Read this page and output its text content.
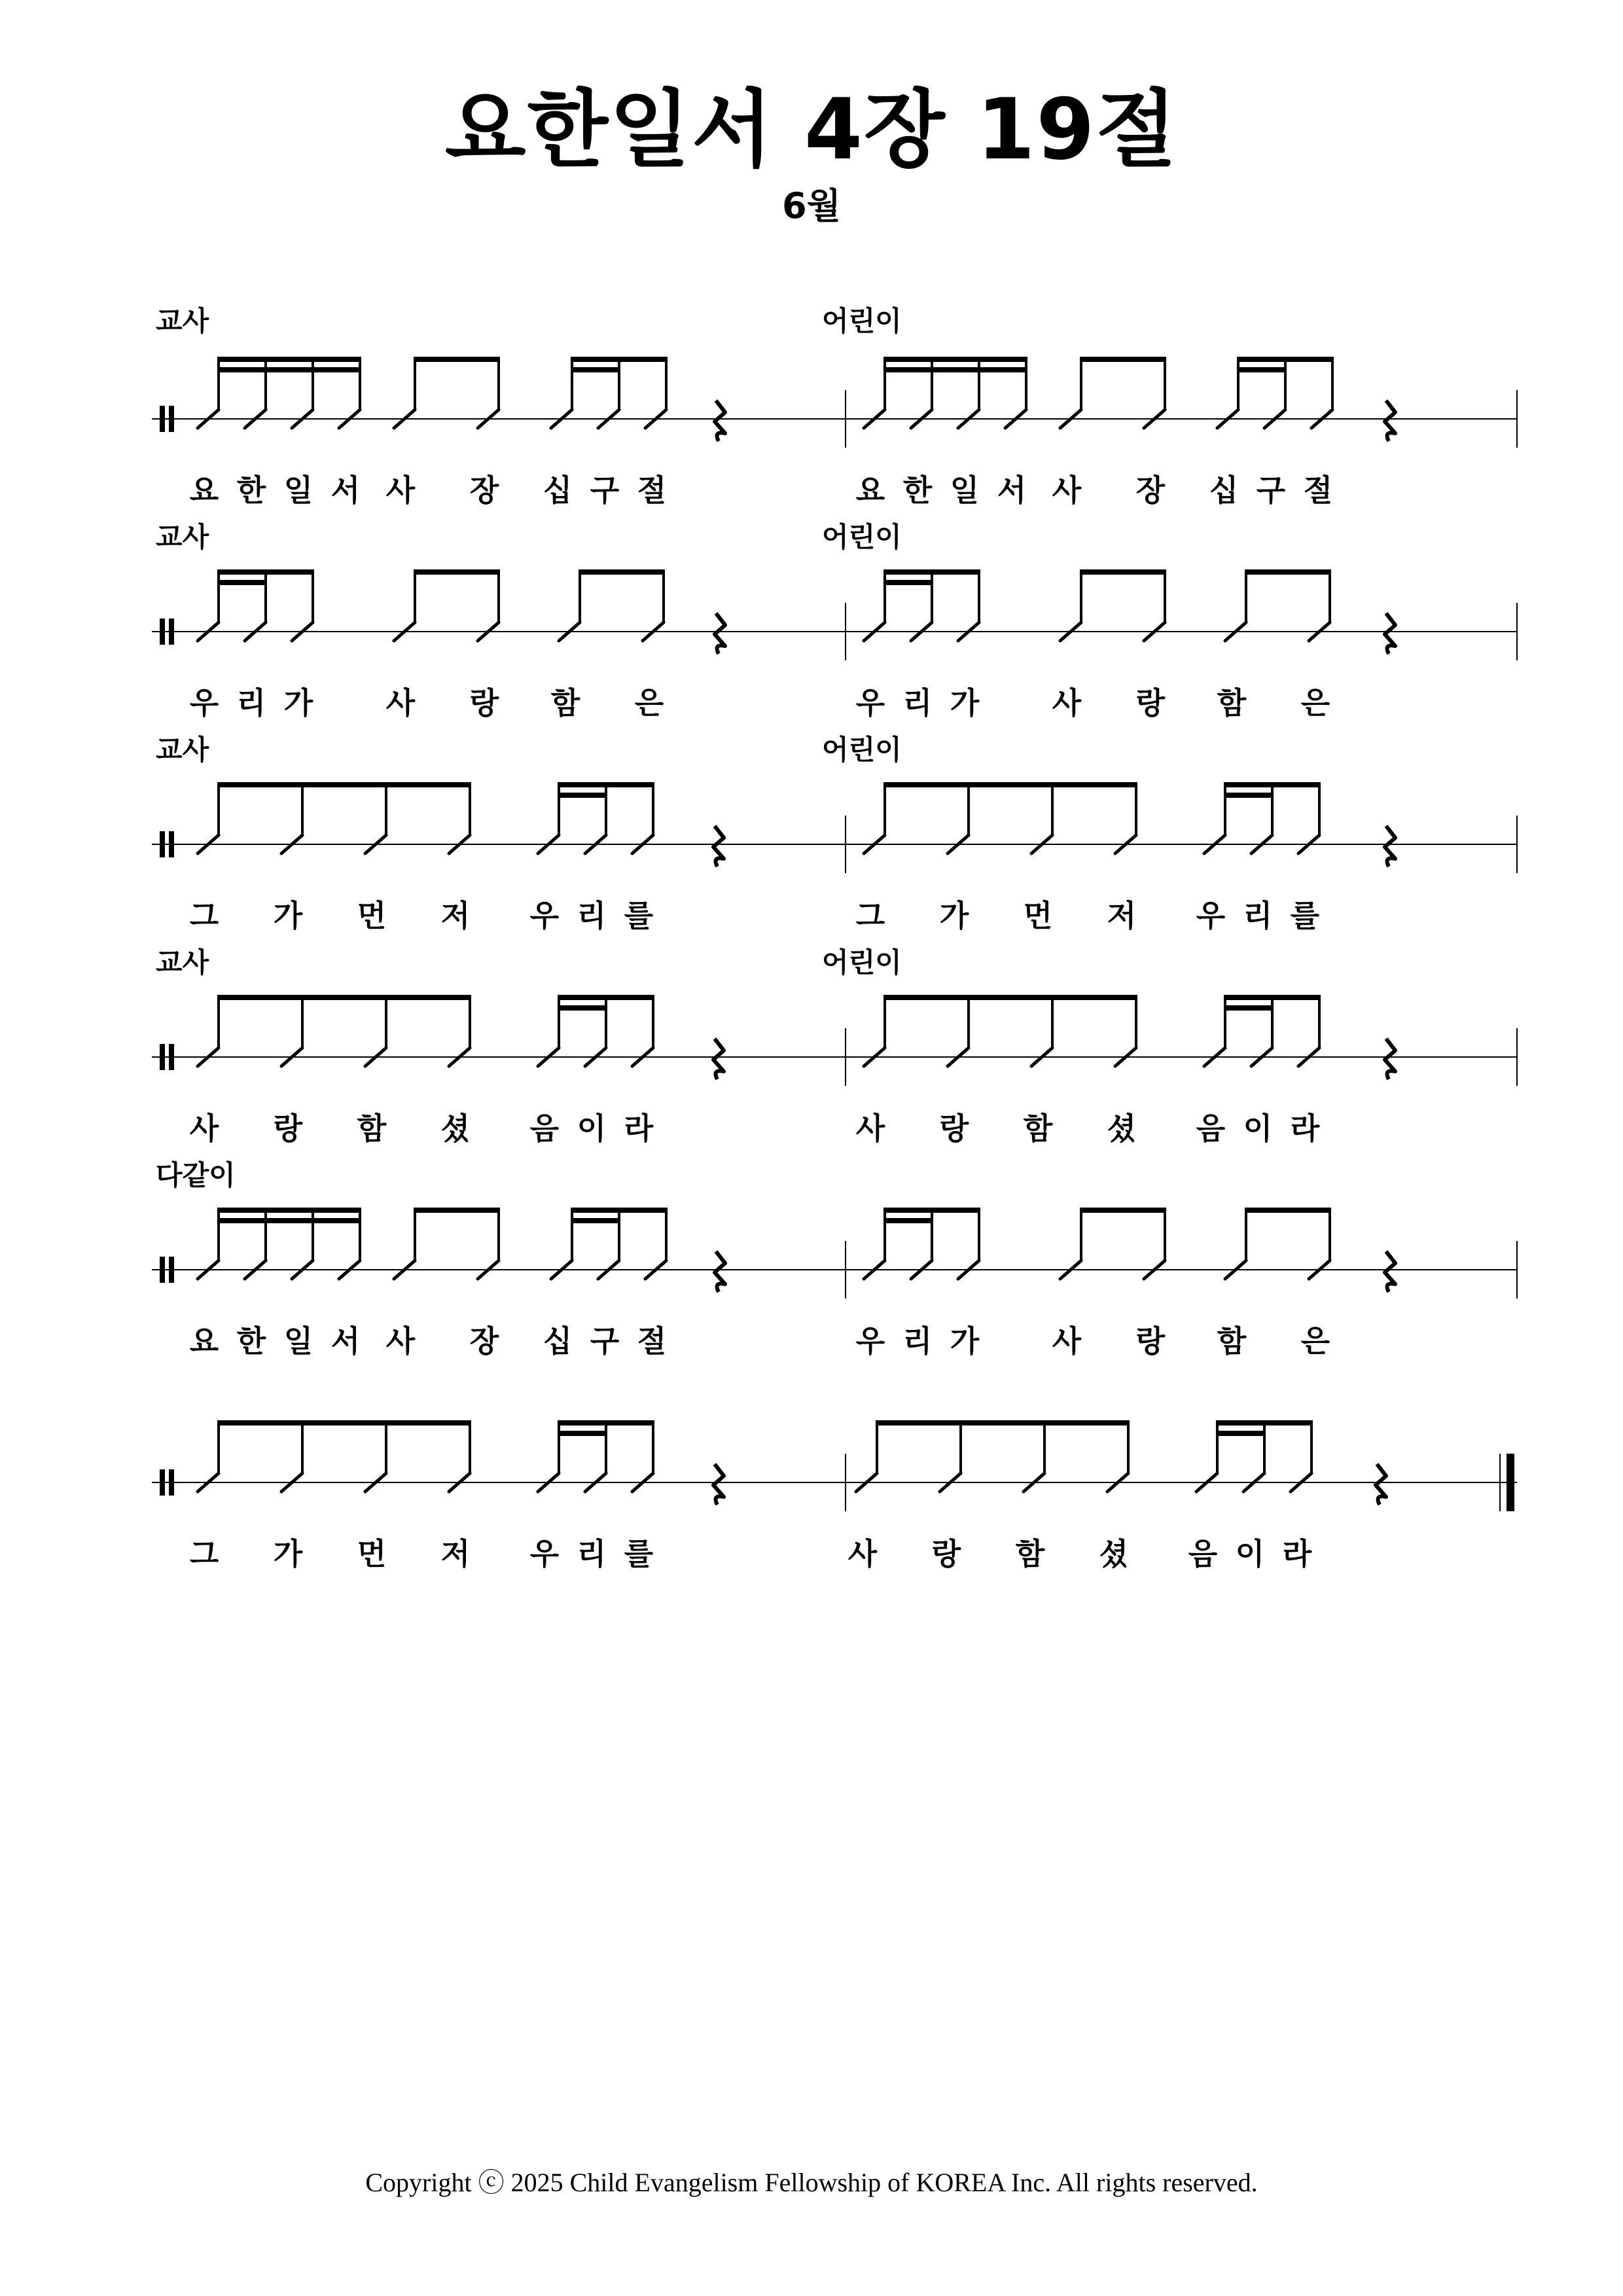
요한일서 4장 19절
6월
교사
요 한 일 서 사 장 십 구 절
어린이
요 한 일 서 사 장 십 구 절
교사
우 리 가 사 랑 함 은
어린이
우 리 가 사 랑 함 은
교사
그 가 먼 저 우 리 를
어린이
그 가 먼 저 우 리 를
교사
사 랑 함 셨 음 이 라
어린이
사 랑 함 셨 음 이 라
다같이
요 한 일 서 사 장 십 구 절	우 리 가 사 랑 함 은
그 가 먼 저 우 리 를	사 랑 함 셨 음 이 라
Copyright ⓒ 2025 Child Evangelism Fellowship of KOREA Inc. All rights reserved.
